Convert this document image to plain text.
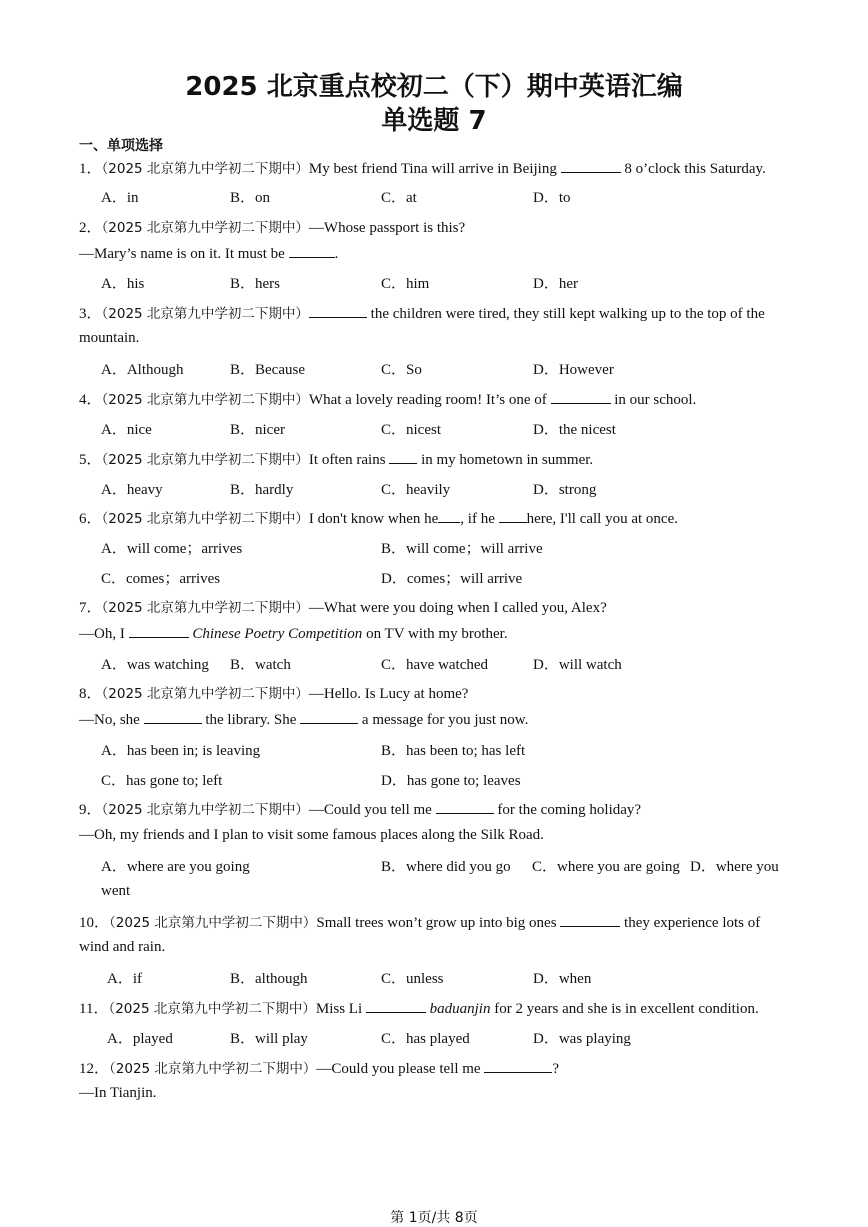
2025 北京重点校初二（下）期中英语汇编
单选题 7
一、单项选择
1．（2025 北京第九中学初二下期中）My best friend Tina will arrive in Beijing	8 o’clock this Saturday.
A．in	B．on	C．at	D．to
2．（2025 北京第九中学初二下期中）—Whose passport is this?
—Mary’s name is on it. It must be	.
A．his	B．hers	C．him	D．her
3．（2025 北京第九中学初二下期中）	the children were tired, they still kept walking up to the top of the
mountain.
A．Although	B．Because	C．So	D．However
4．（2025 北京第九中学初二下期中）What a lovely reading room! It’s one of	in our school.
A．nice	B．nicer	C．nicest	D．the nicest
5．（2025 北京第九中学初二下期中）It often rains in my hometown in summer.
A．heavy	B．hardly	C．heavily	D．strong
6．（2025 北京第九中学初二下期中）I don't know when he , if he here, I'll call you at once.
A．will come；arrives	B．will come；will arrive
C．comes；arrives	D．comes；will arrive
7．（2025 北京第九中学初二下期中）—What were you doing when I called you, Alex?
—Oh, I	Chinese Poetry Competition on TV with my brother.
A．was watching B．watch	C．have watched	D．will watch
8．（2025 北京第九中学初二下期中）—Hello. Is Lucy at home?
—No, she	the library. She	a message for you just now.
A．has been in; is leaving	B．has been to; has left
C．has gone to; left	D．has gone to; leaves
9．（2025 北京第九中学初二下期中）—Could you tell me	for the coming holiday?
—Oh, my friends and I plan to visit some famous places along the Silk Road.
A．where are you going	B．where did you go C．where you are going D．where you
went
10．（2025 北京第九中学初二下期中）Small trees won’t grow up into big ones	they experience lots of
wind and rain.
A．if	B．although	C．unless	D．when
11．（2025 北京第九中学初二下期中）Miss Li	baduanjin for 2 years and she is in excellent condition.
A．played	B．will play	C．has played	D．was playing
12．（2025 北京第九中学初二下期中）—Could you please tell me	?
—In Tianjin.
第 1页/共 8页
